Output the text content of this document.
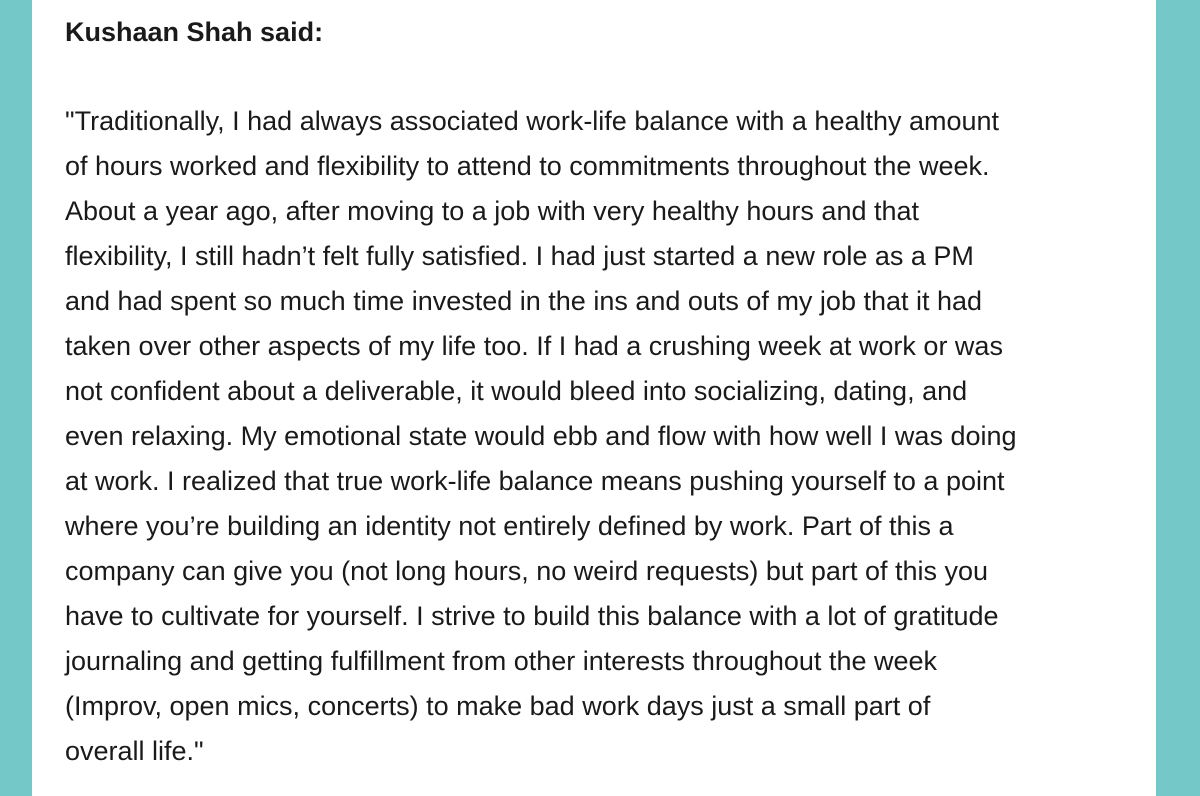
Kushaan Shah said:

"Traditionally, I had always associated work-life balance with a healthy amount
of hours worked and flexibility to attend to commitments throughout the week.
About a year ago, after moving to a job with very healthy hours and that
flexibility, I still hadn’t felt fully satisfied. I had just started a new role as a PM
and had spent so much time invested in the ins and outs of my job that it had
taken over other aspects of my life too. If I had a crushing week at work or was
not confident about a deliverable, it would bleed into socializing, dating, and
even relaxing. My emotional state would ebb and flow with how well I was doing
at work. I realized that true work-life balance means pushing yourself to a point
where you’re building an identity not entirely defined by work. Part of this a
company can give you (not long hours, no weird requests) but part of this you
have to cultivate for yourself. I strive to build this balance with a lot of gratitude
journaling and getting fulfillment from other interests throughout the week
(Improv, open mics, concerts) to make bad work days just a small part of
overall life."
